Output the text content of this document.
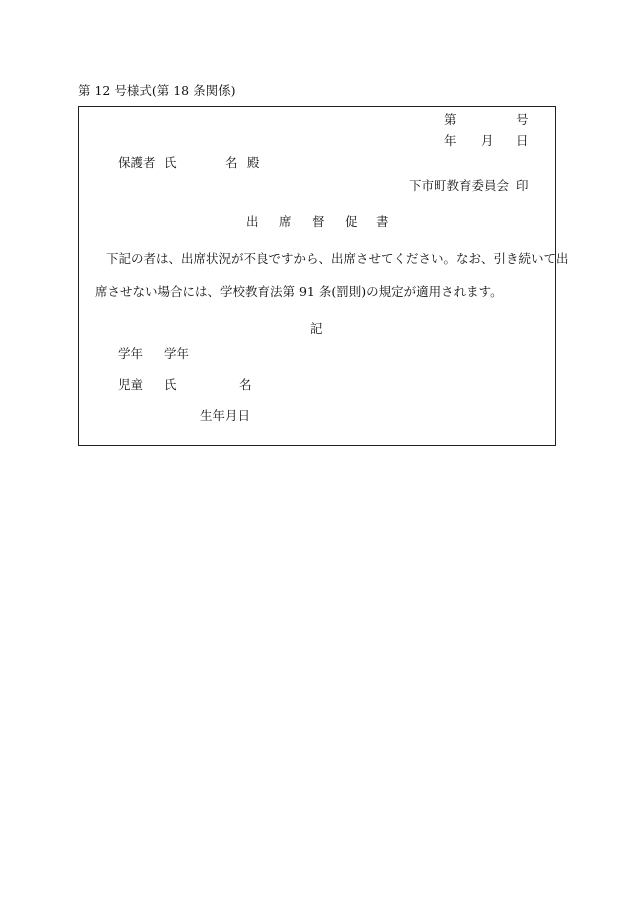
第 12 号様式(第 18 条関係)
第	号
年 月 日
保護者 氏	名 殿
下市町教育委員会 印
出 席 督 促 書
下記の者は、出席状況が不良ですから、出席させてください。なお、引き続いて出
席させない場合には、学校教育法第 91 条(罰則)の規定が適用されます。
記
学年 学年
児童 氏	名
生年月日
